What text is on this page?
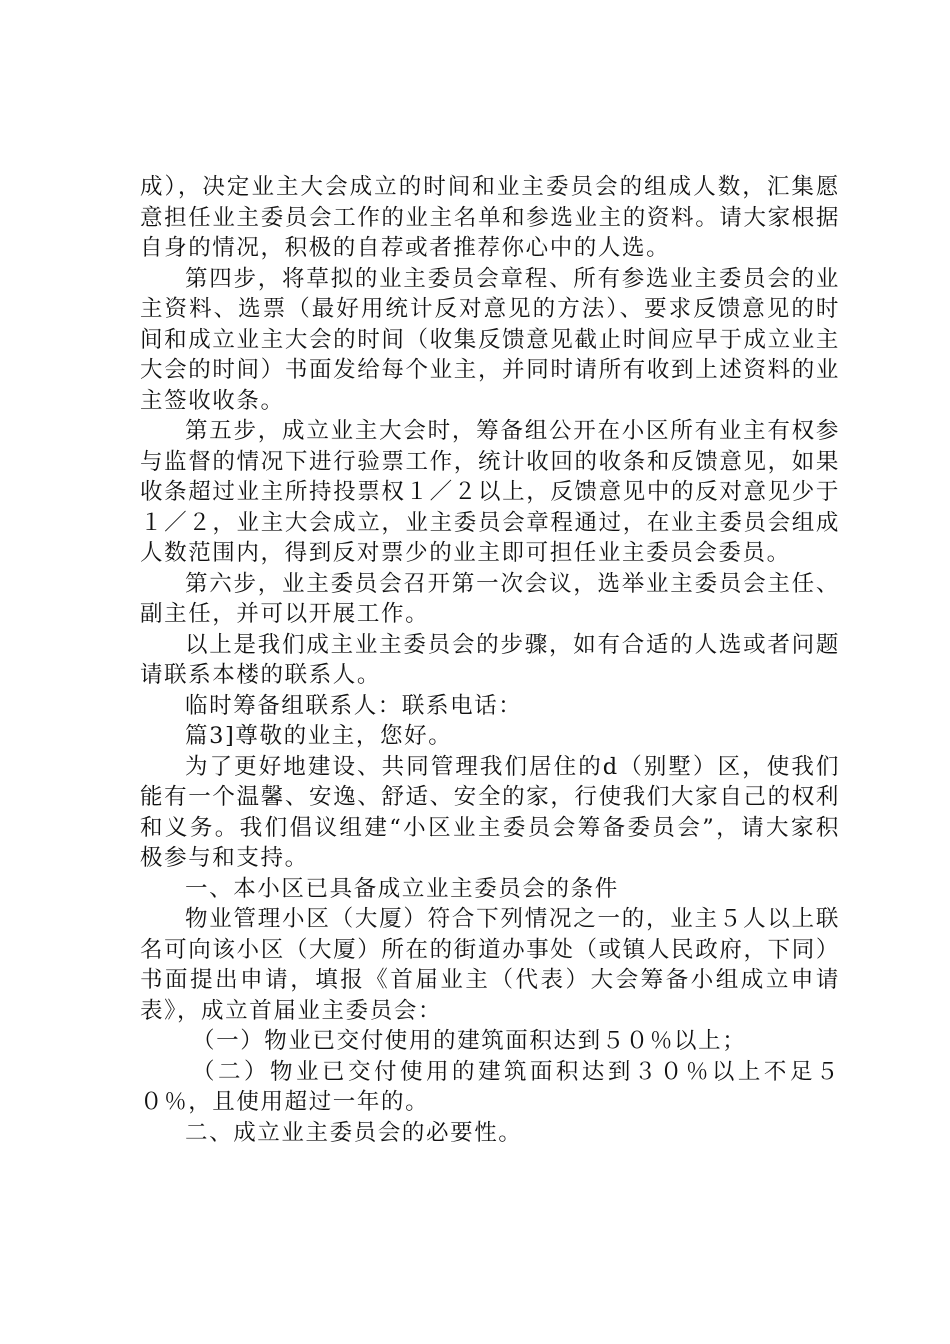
成），决定业主大会成立的时间和业主委员会的组成人数，汇集愿意担任业主委员会工作的业主名单和参选业主的资料。请大家根据自身的情况，积极的自荐或者推荐你心中的人选。

第四步，将草拟的业主委员会章程、所有参选业主委员会的业主资料、选票（最好用统计反对意见的方法）、要求反馈意见的时间和成立业主大会的时间（收集反馈意见截止时间应早于成立业主大会的时间）书面发给每个业主，并同时请所有收到上述资料的业主签收收条。

第五步，成立业主大会时，筹备组公开在小区所有业主有权参与监督的情况下进行验票工作，统计收回的收条和反馈意见，如果收条超过业主所持投票权１／２以上，反馈意见中的反对意见少于１／２，业主大会成立，业主委员会章程通过，在业主委员会组成人数范围内，得到反对票少的业主即可担任业主委员会委员。

第六步，业主委员会召开第一次会议，选举业主委员会主任、副主任，并可以开展工作。

以上是我们成主业主委员会的步骤，如有合适的人选或者问题请联系本楼的联系人。

临时筹备组联系人：联系电话：

篇3]尊敬的业主，您好。

为了更好地建设、共同管理我们居住的d（别墅）区，使我们能有一个温馨、安逸、舒适、安全的家，行使我们大家自己的权利和义务。我们倡议组建“小区业主委员会筹备委员会”，请大家积极参与和支持。

一、本小区已具备成立业主委员会的条件

物业管理小区（大厦）符合下列情况之一的，业主５人以上联名可向该小区（大厦）所在的街道办事处（或镇人民政府，下同）书面提出申请，填报《首届业主（代表）大会筹备小组成立申请表》，成立首届业主委员会：

（一）物业已交付使用的建筑面积达到５０％以上；

（二）物业已交付使用的建筑面积达到３０％以上不足５０％，且使用超过一年的。

二、成立业主委员会的必要性。
